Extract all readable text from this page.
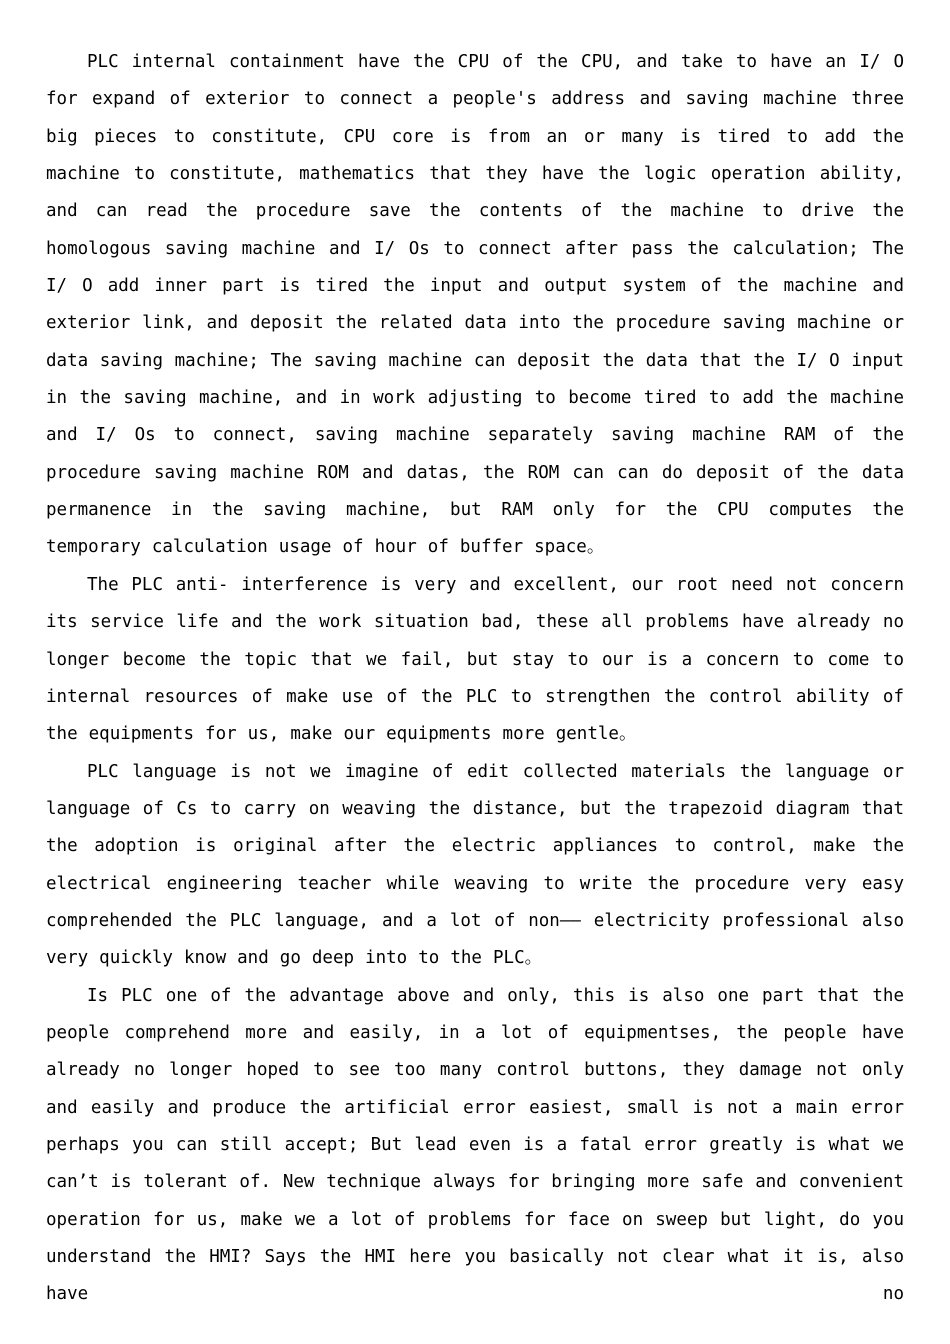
PLC internal containment have the CPU of the CPU, and take to have an I/ O for expand of exterior to connect a people's address and saving machine three big pieces to constitute, CPU core is from an or many is tired to add the machine to constitute, mathematics that they have the logic operation ability, and can read the procedure save the contents of the machine to drive the homologous saving machine and I/ Os to connect after pass the calculation; The I/ O add inner part is tired the input and output system of the machine and exterior link, and deposit the related data into the procedure saving machine or data saving machine; The saving machine can deposit the data that the I/ O input in the saving machine, and in work adjusting to become tired to add the machine and I/ Os to connect, saving machine separately saving machine RAM of the procedure saving machine ROM and datas, the ROM can can do deposit of the data permanence in the saving machine, but RAM only for the CPU computes the temporary calculation usage of hour of buffer space。

The PLC anti- interference is very and excellent, our root need not concern its service life and the work situation bad, these all problems have already no longer become the topic that we fail, but stay to our is a concern to come to internal resources of make use of the PLC to strengthen the control ability of the equipments for us, make our equipments more gentle。

PLC language is not we imagine of edit collected materials the language or language of Cs to carry on weaving the distance, but the trapezoid diagram that the adoption is original after the electric appliances to control, make the electrical engineering teacher while weaving to write the procedure very easy comprehended the PLC language, and a lot of non—— electricity professional also very quickly know and go deep into to the PLC。

Is PLC one of the advantage above and only, this is also one part that the people comprehend more and easily, in a lot of equipmentses, the people have already no longer hoped to see too many control buttons, they damage not only and easily and produce the artificial error easiest, small is not a main error perhaps you can still accept; But lead even is a fatal error greatly is what we can’t is tolerant of. New technique always for bringing more safe and convenient operation for us, make we a lot of problems for face on sweep but light, do you understand the HMI? Says the HMI here you basically not clear what it is, also have no
